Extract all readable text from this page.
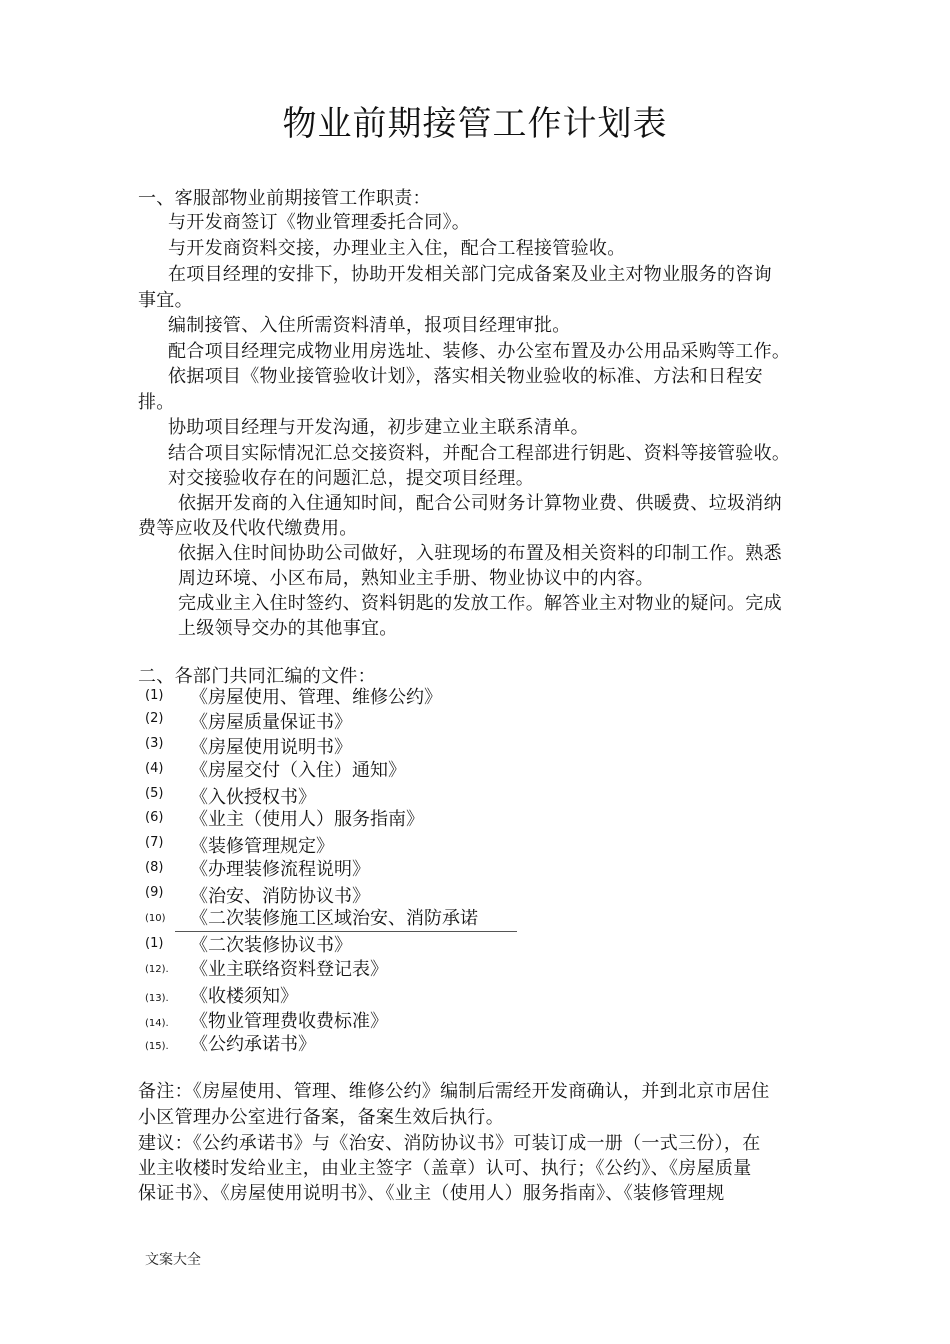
物业前期接管工作计划表
一、客服部物业前期接管工作职责：
与开发商签订《物业管理委托合同》。
与开发商资料交接，办理业主入住，配合工程接管验收。
在项目经理的安排下，协助开发相关部门完成备案及业主对物业服务的咨询
事宜。
编制接管、入住所需资料清单，报项目经理审批。
配合项目经理完成物业用房选址、装修、办公室布置及办公用品采购等工作。
依据项目《物业接管验收计划》，落实相关物业验收的标准、方法和日程安
排。
协助项目经理与开发沟通，初步建立业主联系清单。
结合项目实际情况汇总交接资料，并配合工程部进行钥匙、资料等接管验收。
对交接验收存在的问题汇总，提交项目经理。
依据开发商的入住通知时间，配合公司财务计算物业费、供暖费、垃圾消纳
费等应收及代收代缴费用。
依据入住时间协助公司做好，入驻现场的布置及相关资料的印制工作。熟悉
周边环境、小区布局，熟知业主手册、物业协议中的内容。
完成业主入住时签约、资料钥匙的发放工作。解答业主对物业的疑问。完成
上级领导交办的其他事宜。
二、各部门共同汇编的文件：
(1) 《房屋使用、管理、维修公约》
(2) 《房屋质量保证书》
(3) 《房屋使用说明书》
(4) 《房屋交付（入住）通知》
(5) 《入伙授权书》
(6) 《业主（使用人）服务指南》
(7) 《装修管理规定》
(8) 《办理装修流程说明》
(9) 《治安、消防协议书》
(10) 《二次装修施工区域治安、消防承诺
(1) 《二次装修协议书》
(12). 《业主联络资料登记表》
(13). 《收楼须知》
(14). 《物业管理费收费标准》
(15). 《公约承诺书》
备注：《房屋使用、管理、维修公约》编制后需经开发商确认，并到北京市居住
小区管理办公室进行备案，备案生效后执行。
建议：《公约承诺书》与《治安、消防协议书》可装订成一册（一式三份），在
业主收楼时发给业主，由业主签字（盖章）认可、执行；《公约》、《房屋质量
保证书》、《房屋使用说明书》、《业主（使用人）服务指南》、《装修管理规
文案大全
